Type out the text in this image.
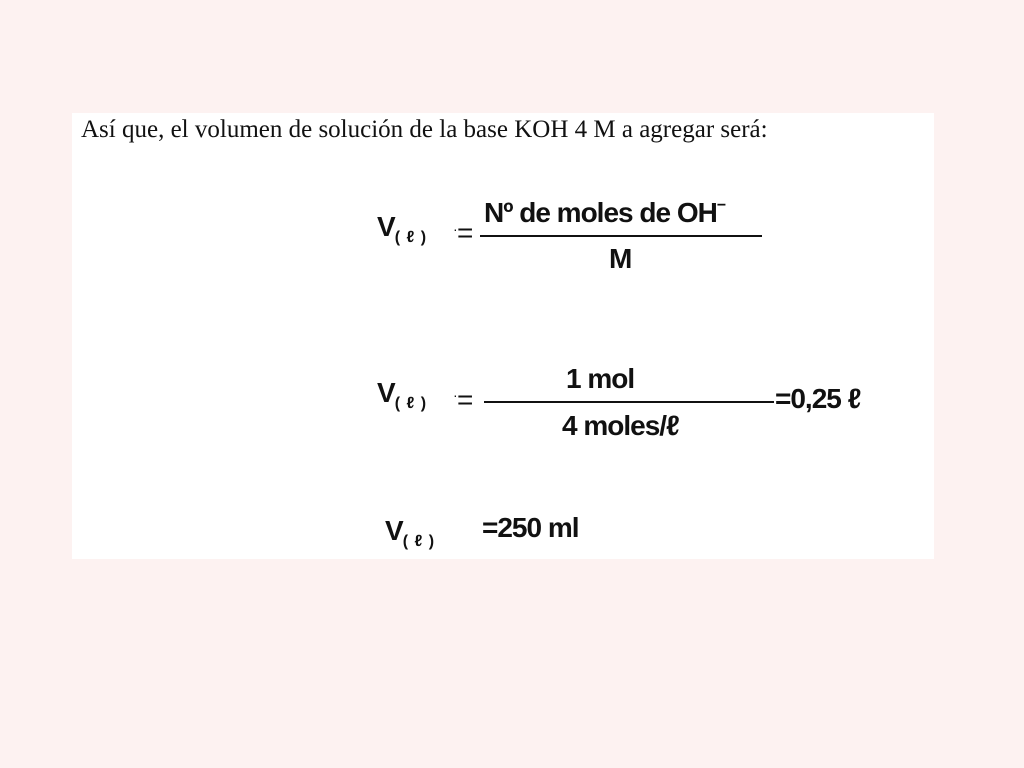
Así que, el volumen de solución de la base KOH 4 M a agregar será:
$V_{( \ell )}$ · =
Nº de moles de OH−
M
$V_{( \ell )}$ · =
1 mol
4 moles/ℓ
=0,25 ℓ
$V_{( \ell )} =250$ ml
